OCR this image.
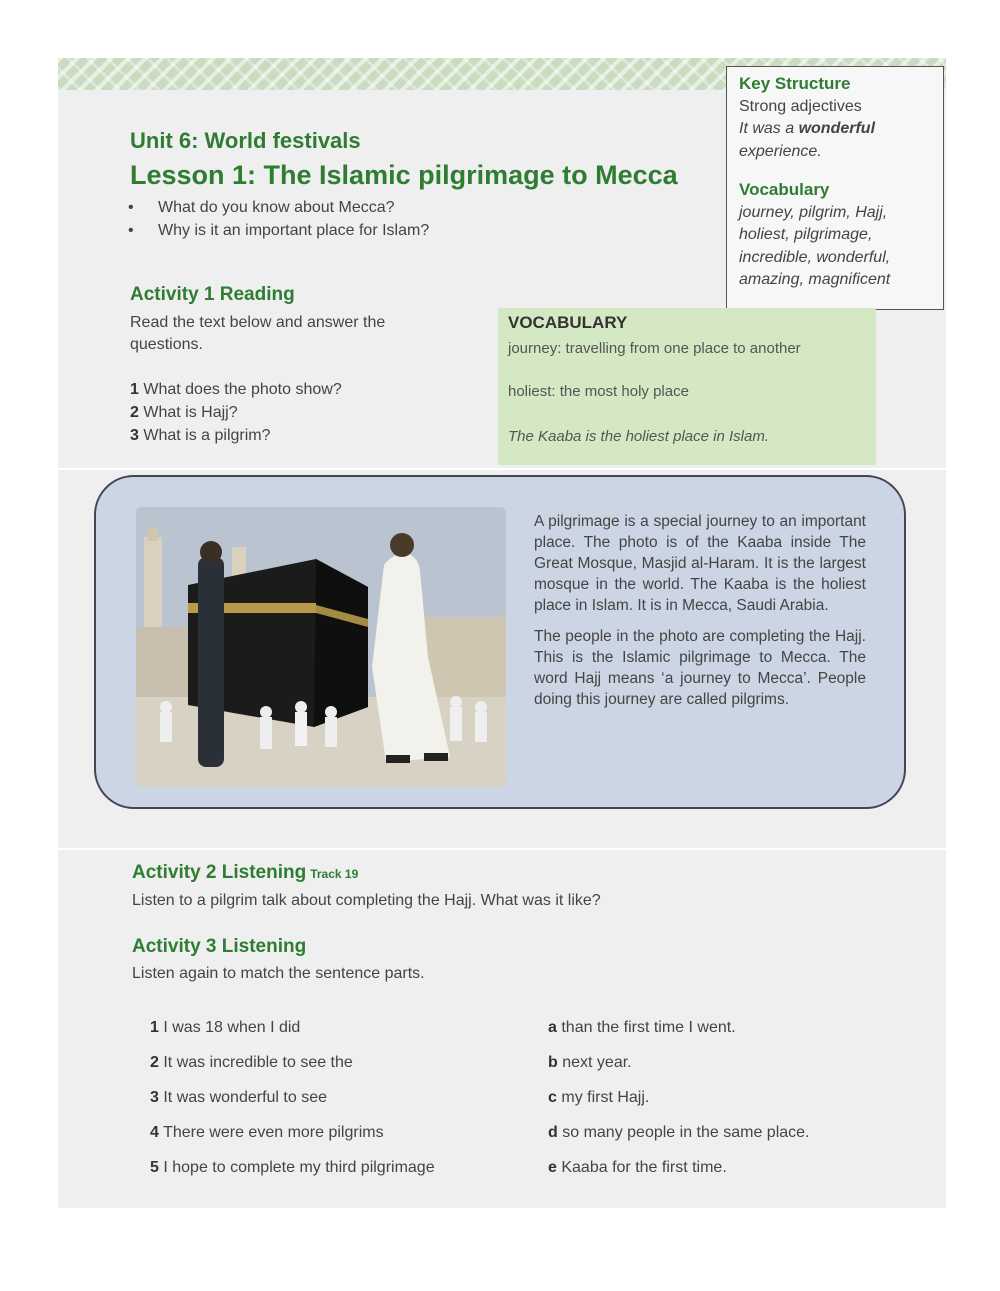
Key Structure
Strong adjectives
It was a wonderful
experience.
Vocabulary
journey, pilgrim, Hajj,
holiest, pilgrimage,
incredible, wonderful,
amazing, magnificent
Unit 6: World festivals
Lesson 1: The Islamic pilgrimage to Mecca
• What do you know about Mecca?
• Why is it an important place for Islam?
Activity 1 Reading
Read the text below and answer the questions.
1 What does the photo show?
2 What is Hajj?
3 What is a pilgrim?
VOCABULARY
journey: travelling from one place to another
holiest: the most holy place
The Kaaba is the holiest place in Islam.

A pilgrimage is a special journey to an important place. The photo is of the Kaaba inside The Great Mosque, Masjid al-Haram. It is the largest mosque in the world. The Kaaba is the holiest place in Islam. It is in Mecca, Saudi Arabia.

The people in the photo are completing the Hajj. This is the Islamic pilgrimage to Mecca. The word Hajj means ‘a journey to Mecca’. People doing this journey are called pilgrims.

Activity 2 Listening Track 19
Listen to a pilgrim talk about completing the Hajj. What was it like?
Activity 3 Listening
Listen again to match the sentence parts.
1 I was 18 when I did
2 It was incredible to see the
3 It was wonderful to see
4 There were even more pilgrims
5 I hope to complete my third pilgrimage
a than the first time I went.
b next year.
c my first Hajj.
d so many people in the same place.
e Kaaba for the first time.
